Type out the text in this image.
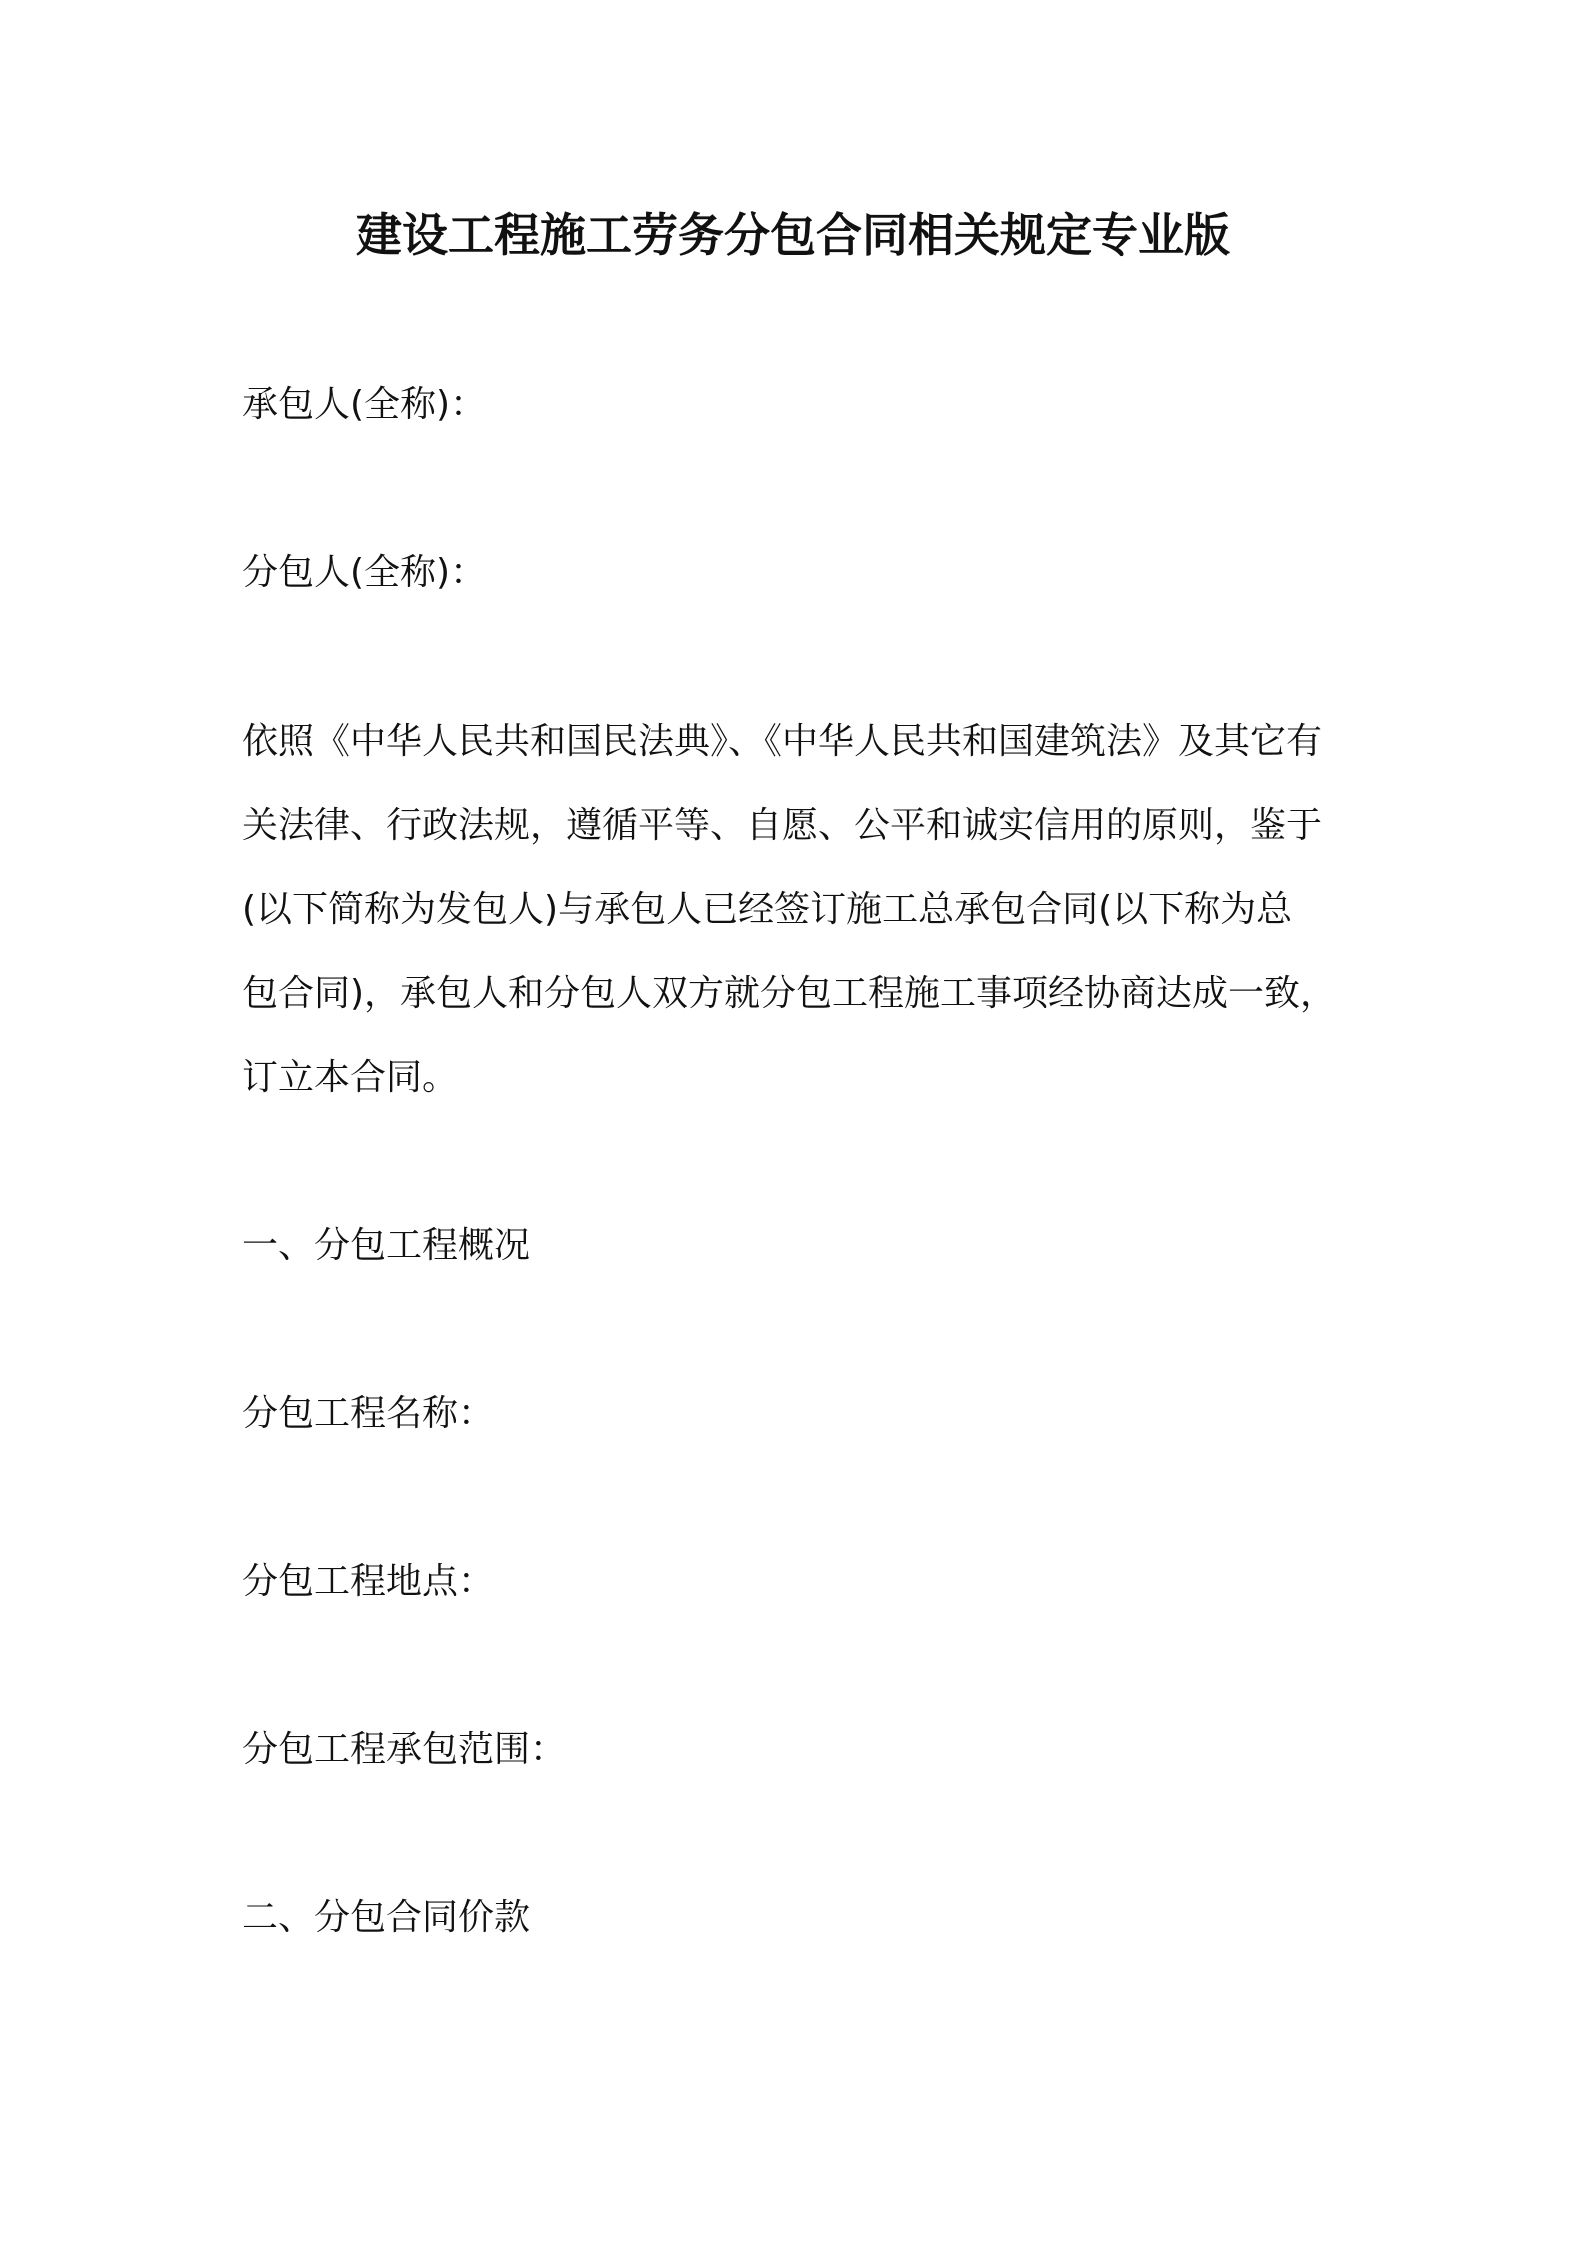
建设工程施工劳务分包合同相关规定专业版
承包人(全称)：
分包人(全称)：
依照《中华人民共和国民法典》、《中华人民共和国建筑法》及其它有
关法律、行政法规，遵循平等、自愿、公平和诚实信用的原则，鉴于
(以下简称为发包人)与承包人已经签订施工总承包合同(以下称为总
包合同)，承包人和分包人双方就分包工程施工事项经协商达成一致，
订立本合同。
一、分包工程概况
分包工程名称：
分包工程地点：
分包工程承包范围：
二、分包合同价款
